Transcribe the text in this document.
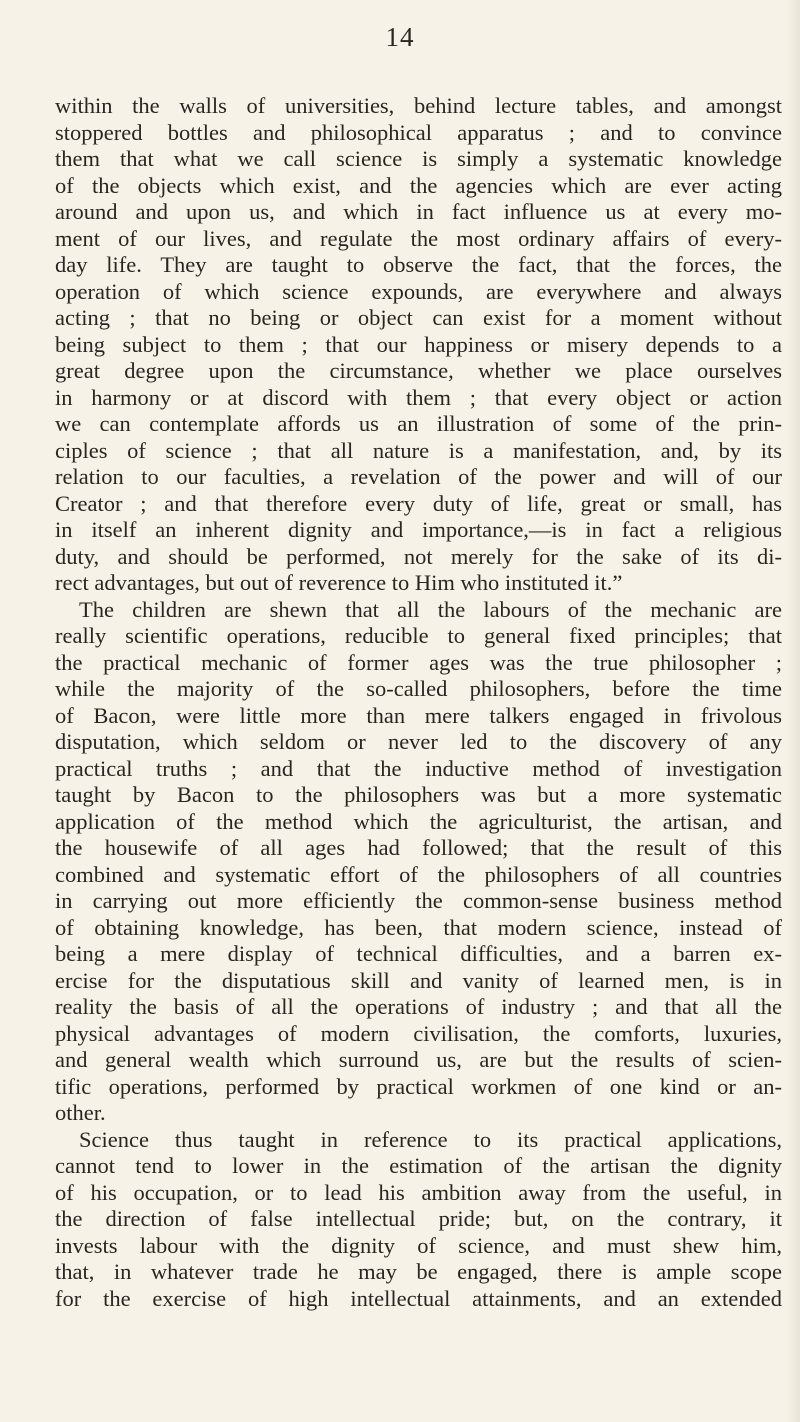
14
within the walls of universities, behind lecture tables, and amongst
stoppered bottles and philosophical apparatus ; and to convince
them that what we call science is simply a systematic knowledge
of the objects which exist, and the agencies which are ever acting
around and upon us, and which in fact influence us at every mo-
ment of our lives, and regulate the most ordinary affairs of every-
day life. They are taught to observe the fact, that the forces, the
operation of which science expounds, are everywhere and always
acting ; that no being or object can exist for a moment without
being subject to them ; that our happiness or misery depends to a
great degree upon the circumstance, whether we place ourselves
in harmony or at discord with them ; that every object or action
we can contemplate affords us an illustration of some of the prin-
ciples of science ; that all nature is a manifestation, and, by its
relation to our faculties, a revelation of the power and will of our
Creator ; and that therefore every duty of life, great or small, has
in itself an inherent dignity and importance,—is in fact a religious
duty, and should be performed, not merely for the sake of its di-
rect advantages, but out of reverence to Him who instituted it.”
The children are shewn that all the labours of the mechanic are
really scientific operations, reducible to general fixed principles; that
the practical mechanic of former ages was the true philosopher ;
while the majority of the so-called philosophers, before the time
of Bacon, were little more than mere talkers engaged in frivolous
disputation, which seldom or never led to the discovery of any
practical truths ; and that the inductive method of investigation
taught by Bacon to the philosophers was but a more systematic
application of the method which the agriculturist, the artisan, and
the housewife of all ages had followed; that the result of this
combined and systematic effort of the philosophers of all countries
in carrying out more efficiently the common-sense business method
of obtaining knowledge, has been, that modern science, instead of
being a mere display of technical difficulties, and a barren ex-
ercise for the disputatious skill and vanity of learned men, is in
reality the basis of all the operations of industry ; and that all the
physical advantages of modern civilisation, the comforts, luxuries,
and general wealth which surround us, are but the results of scien-
tific operations, performed by practical workmen of one kind or an-
other.
Science thus taught in reference to its practical applications,
cannot tend to lower in the estimation of the artisan the dignity
of his occupation, or to lead his ambition away from the useful, in
the direction of false intellectual pride; but, on the contrary, it
invests labour with the dignity of science, and must shew him,
that, in whatever trade he may be engaged, there is ample scope
for the exercise of high intellectual attainments, and an extended
